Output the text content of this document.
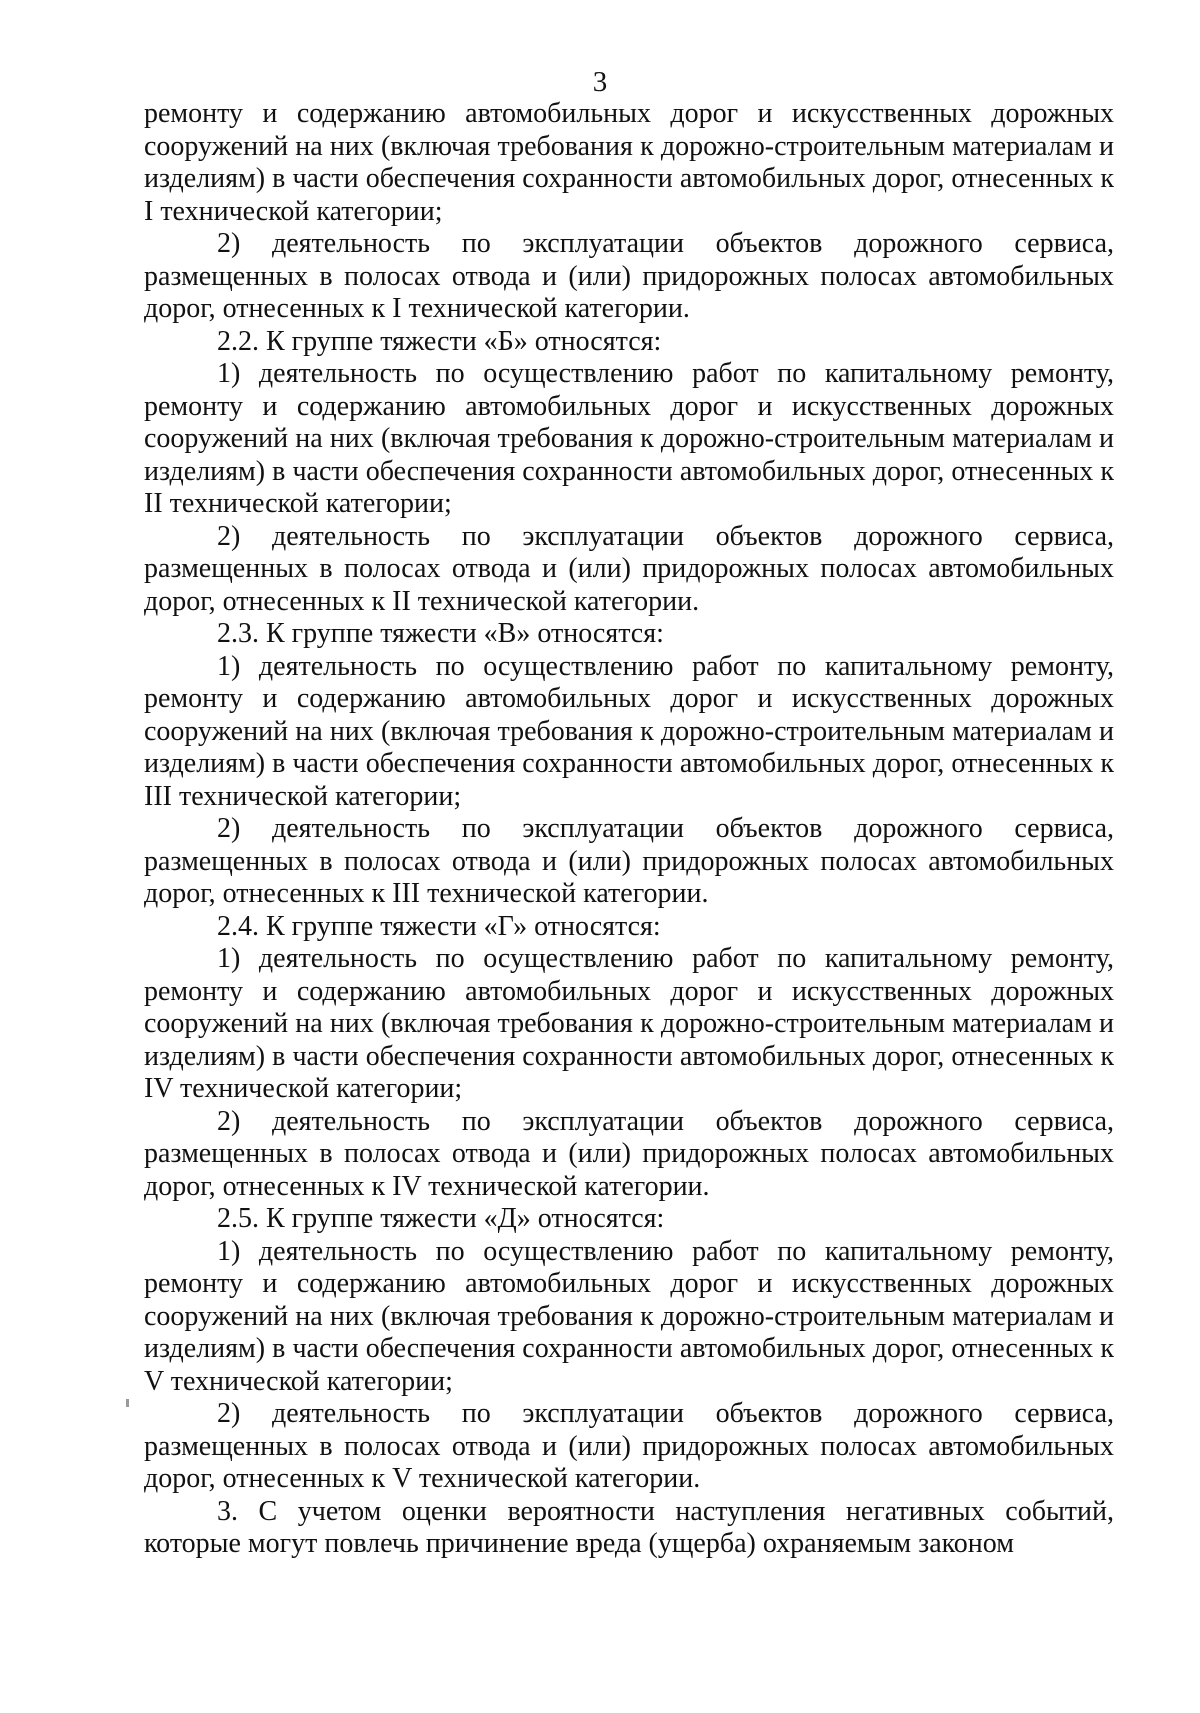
3

ремонту и содержанию автомобильных дорог и искусственных дорожных сооружений на них (включая требования к дорожно-строительным материалам и изделиям) в части обеспечения сохранности автомобильных дорог, отнесенных к I технической категории;

2) деятельность по эксплуатации объектов дорожного сервиса, размещенных в полосах отвода и (или) придорожных полосах автомобильных дорог, отнесенных к I технической категории.

2.2. К группе тяжести «Б» относятся:

1) деятельность по осуществлению работ по капитальному ремонту, ремонту и содержанию автомобильных дорог и искусственных дорожных сооружений на них (включая требования к дорожно-строительным материалам и изделиям) в части обеспечения сохранности автомобильных дорог, отнесенных к II технической категории;

2) деятельность по эксплуатации объектов дорожного сервиса, размещенных в полосах отвода и (или) придорожных полосах автомобильных дорог, отнесенных к II технической категории.

2.3. К группе тяжести «В» относятся:

1) деятельность по осуществлению работ по капитальному ремонту, ремонту и содержанию автомобильных дорог и искусственных дорожных сооружений на них (включая требования к дорожно-строительным материалам и изделиям) в части обеспечения сохранности автомобильных дорог, отнесенных к III технической категории;

2) деятельность по эксплуатации объектов дорожного сервиса, размещенных в полосах отвода и (или) придорожных полосах автомобильных дорог, отнесенных к III технической категории.

2.4. К группе тяжести «Г» относятся:

1) деятельность по осуществлению работ по капитальному ремонту, ремонту и содержанию автомобильных дорог и искусственных дорожных сооружений на них (включая требования к дорожно-строительным материалам и изделиям) в части обеспечения сохранности автомобильных дорог, отнесенных к IV технической категории;

2) деятельность по эксплуатации объектов дорожного сервиса, размещенных в полосах отвода и (или) придорожных полосах автомобильных дорог, отнесенных к IV технической категории.

2.5. К группе тяжести «Д» относятся:

1) деятельность по осуществлению работ по капитальному ремонту, ремонту и содержанию автомобильных дорог и искусственных дорожных сооружений на них (включая требования к дорожно-строительным материалам и изделиям) в части обеспечения сохранности автомобильных дорог, отнесенных к V технической категории;

2) деятельность по эксплуатации объектов дорожного сервиса, размещенных в полосах отвода и (или) придорожных полосах автомобильных дорог, отнесенных к V технической категории.

3. С учетом оценки вероятности наступления негативных событий, которые могут повлечь причинение вреда (ущерба) охраняемым законом
